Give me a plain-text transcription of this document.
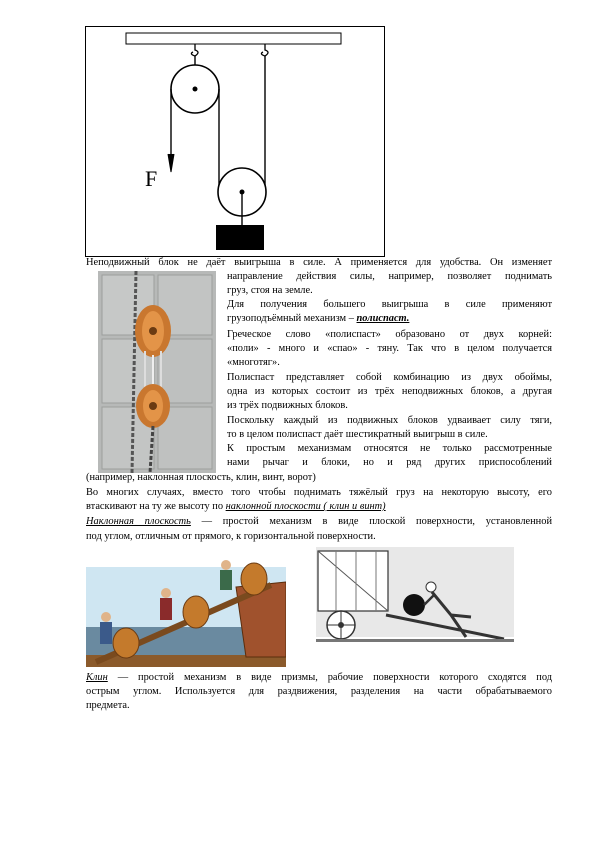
F
Неподвижный блок не даёт выигрыша в силе. А применяется для удобства. Он изменяет
направление действия силы, например, позволяет поднимать
груз, стоя на земле.
Для получения большего выигрыша в силе применяют
грузоподъёмный механизм – полиспаст.
Греческое слово «полиспаст» образовано от двух корней:
«поли» - много и «спао» - тяну. Так что в целом получается
«многотяг».
Полиспаст представляет собой комбинацию из двух обоймы,
одна из которых состоит из трёх неподвижных блоков, а другая
из трёх подвижных блоков.
Поскольку каждый из подвижных блоков удваивает силу тяги,
то в целом полиспаст даёт шестикратный выигрыш в силе.
К простым механизмам относятся не только рассмотренные
нами рычаг и блоки, но и ряд других приспособлений
(например, наклонная плоскость, клин, винт, ворот)
Во многих случаях, вместо того чтобы поднимать тяжёлый груз на некоторую высоту, его
втаскивают на ту же высоту по наклонной плоскости ( клин и винт)
Наклонная плоскость — простой механизм в виде плоской поверхности, установленной
под углом, отличным от прямого, к горизонтальной поверхности.
Клин — простой механизм в виде призмы, рабочие поверхности которого сходятся под
острым углом. Используется для раздвижения, разделения на части обрабатываемого
предмета.
